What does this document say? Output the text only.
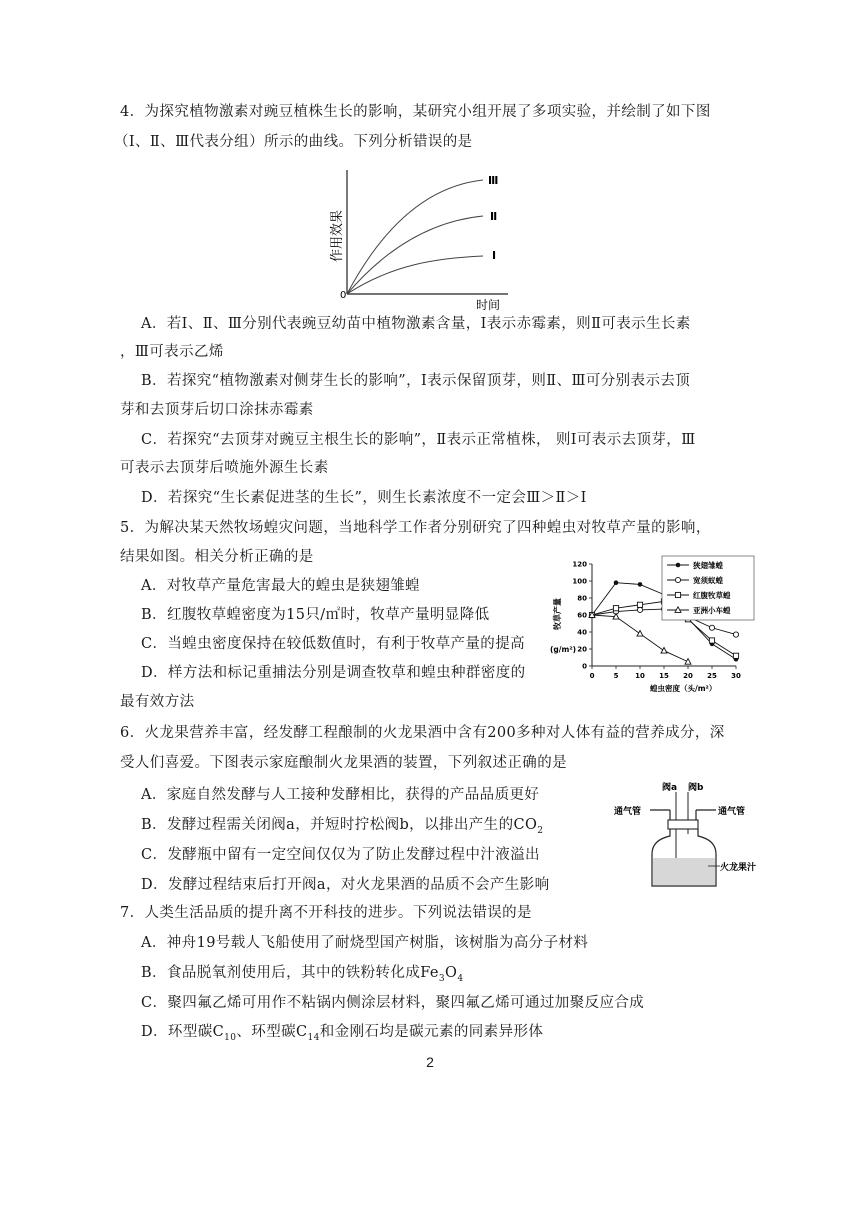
4．为探究植物激素对豌豆植株生长的影响，某研究小组开展了多项实验，并绘制了如下图
（Ⅰ、Ⅱ、Ⅲ代表分组）所示的曲线。下列分析错误的是
作用效果
时间
0
Ⅲ
Ⅱ
Ⅰ
A．若Ⅰ、Ⅱ、Ⅲ分别代表豌豆幼苗中植物激素含量，Ⅰ表示赤霉素，则Ⅱ可表示生长素
，Ⅲ可表示乙烯
B．若探究“植物激素对侧芽生长的影响”，Ⅰ表示保留顶芽，则Ⅱ、Ⅲ可分别表示去顶
芽和去顶芽后切口涂抹赤霉素
C．若探究“去顶芽对豌豆主根生长的影响”，Ⅱ表示正常植株， 则Ⅰ可表示去顶芽，Ⅲ
可表示去顶芽后喷施外源生长素
D．若探究“生长素促进茎的生长”，则生长素浓度不一定会Ⅲ＞Ⅱ＞Ⅰ
5．为解决某天然牧场蝗灾问题，当地科学工作者分别研究了四种蝗虫对牧草产量的影响，
结果如图。相关分析正确的是
A．对牧草产量危害最大的蝗虫是狭翅雏蝗
B．红腹牧草蝗密度为15只/㎡时，牧草产量明显降低
C．当蝗虫密度保持在较低数值时，有利于牧草产量的提高
D．样方法和标记重捕法分别是调查牧草和蝗虫种群密度的
最有效方法
0
20
40
60
80
100
120
0	5 10 15 20 25 30
牧草产量
(g/m²)
蝗虫密度（头/m²）
狭翅雏蝗
宽须蚁蝗
红腹牧草蝗
亚洲小车蝗
6．火龙果营养丰富，经发酵工程酿制的火龙果酒中含有200多种对人体有益的营养成分，深
受人们喜爱。下图表示家庭酿制火龙果酒的装置，下列叙述正确的是
A．家庭自然发酵与人工接种发酵相比，获得的产品品质更好
B．发酵过程需关闭阀a，并短时拧松阀b，以排出产生的$CO_2$
C．发酵瓶中留有一定空间仅仅为了防止发酵过程中汁液溢出
D．发酵过程结束后打开阀a，对火龙果酒的品质不会产生影响
阀a 阀b
通气管	通气管
火龙果汁
7．人类生活品质的提升离不开科技的进步。下列说法错误的是
A．神舟19号载人飞船使用了耐烧型国产树脂，该树脂为高分子材料
B．食品脱氧剂使用后，其中的铁粉转化成$Fe_3O_4$
C．聚四氟乙烯可用作不粘锅内侧涂层材料，聚四氟乙烯可通过加聚反应合成
D．环型碳$C_{10}$、环型碳$C_{14}$和金刚石均是碳元素的同素异形体
2
